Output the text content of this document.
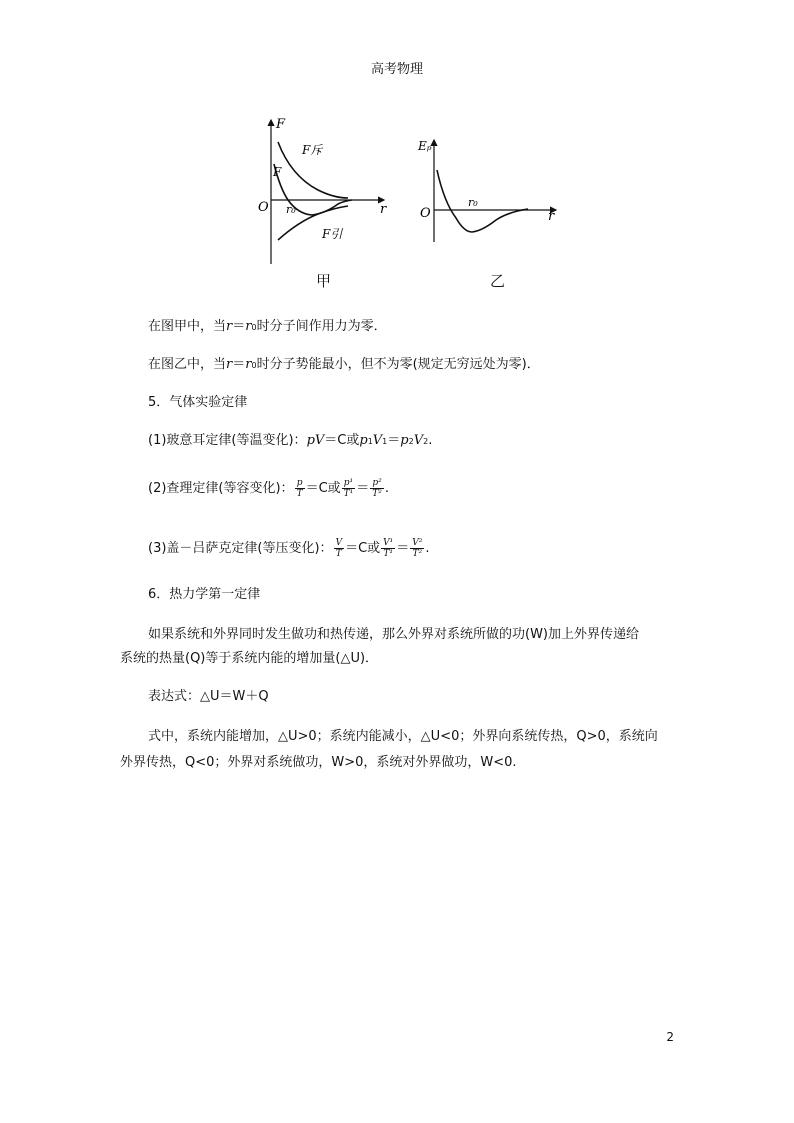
高考物理
F
F
O r₀	r
F斥
F引
Eₚ
O
r₀
r
甲	乙
在图甲中，当r＝r0时分子间作用力为零．
在图乙中，当r＝r0时分子势能最小，但不为零(规定无穷远处为零)．
5．气体实验定律
(1)玻意耳定律(等温变化)：pV＝C或p1V1＝p2V2.
(2)查理定律(等容变化)： $\frac{p}{T} =C$或 $\frac{\text{p¹}}{\text{T¹}} = \frac{\text{p²}}{\text{T²}}$ .
(3)盖－吕萨克定律(等压变化)： $\frac{V}{T} =C$或 $\frac{\text{V¹}}{\text{T¹}} = \frac{\text{V²}}{\text{T²}}$ .
6．热力学第一定律
如果系统和外界同时发生做功和热传递，那么外界对系统所做的功(W)加上外界传递给
系统的热量(Q)等于系统内能的增加量(△U)．
表达式：△U＝W＋Q
式中，系统内能增加，△U>0；系统内能减小，△U<0；外界向系统传热，Q>0，系统向
外界传热，Q<0；外界对系统做功，W>0，系统对外界做功，W<0.
2
